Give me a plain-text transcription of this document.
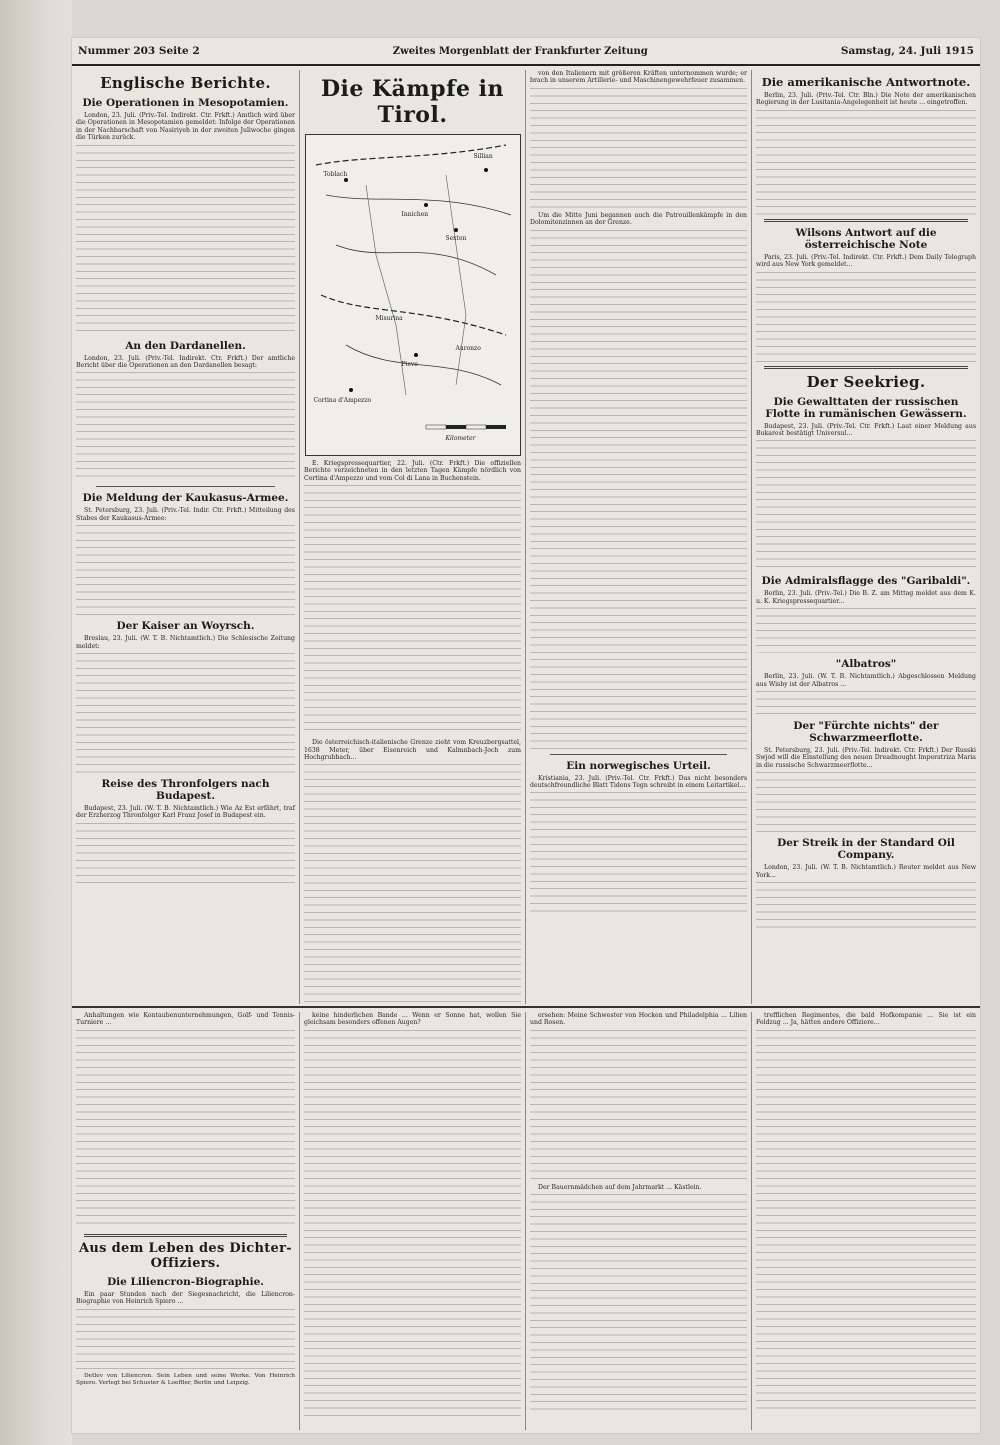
Nummer 203 Seite 2	Zweites Morgenblatt der Frankfurter Zeitung	Samstag, 24. Juli 1915
Englische Berichte.
Die Operationen in Mesopotamien.

London, 23. Juli. (Priv.-Tel. Indirekt. Ctr. Frkft.) Amtlich wird über die Operationen in Mesopotamien gemeldet: Infolge der Operationen in der Nachbarschaft von Nasiriyeh in der zweiten Juliwoche gingen die Türken zurück.

An den Dardanellen.

London, 23. Juli. (Priv.-Tel. Indirekt. Ctr. Frkft.) Der amtliche Bericht über die Operationen an den Dardanellen besagt:

Die Meldung der Kaukasus-Armee.

St. Petersburg, 23. Juli. (Priv.-Tel. Indir. Ctr. Frkft.) Mitteilung des Stabes der Kaukasus-Armee:

Der Kaiser an Woyrsch.

Breslau, 23. Juli. (W. T. B. Nichtamtlich.) Die Schlesische Zeitung meldet:

Reise des Thronfolgers nach Budapest.

Budapest, 23. Juli. (W. T. B. Nichtamtlich.) Wie Az Est erfährt, traf der Erzherzog Thronfolger Karl Franz Josef in Budapest ein.

Die Kämpfe in Tirol.
Toblach
Sillian
Innichen
Sexten
Pieve
Cortina d'Ampezzo
Auronzo
Misurina
Kilometer

E. Kriegspressequartier, 22. Juli. (Ctr. Frkft.) Die offiziellen Berichte verzeichneten in den letzten Tagen Kämpfe nördlich von Cortina d'Ampezzo und vom Col di Lana in Buchenstein.

Die österreichisch-italienische Grenze zieht vom Kreuzbergsattel, 1638 Meter, über Eisenreich und Kalmnbach-Joch zum Hochgrubbach...

von den Italienern mit größeren Kräften unternommen wurde; er brach in unserem Artillerie- und Maschinengewehrfeuer zusammen.

Um die Mitte Juni begannen auch die Patrouillenkämpfe in den Dolomitenzinnen an der Grenze.

Ein norwegisches Urteil.

Kristiania, 23. Juli. (Priv.-Tel. Ctr. Frkft.) Das nicht besonders deutschfreundliche Blatt Tidens Tegn schreibt in einem Leitartikel...

Die amerikanische Antwortnote.

Berlin, 23. Juli. (Priv.-Tel. Ctr. Bln.) Die Note der amerikanischen Regierung in der Lusitania-Angelegenheit ist heute ... eingetroffen.

Wilsons Antwort auf die österreichische Note

Paris, 23. Juli. (Priv.-Tel. Indirekt. Ctr. Frkft.) Dem Daily Telegraph wird aus New York gemeldet...

Der Seekrieg.
Die Gewalttaten der russischen Flotte in rumänischen Gewässern.

Budapest, 23. Juli. (Priv.-Tel. Ctr. Frkft.) Laut einer Meldung aus Bukarest bestätigt Universul...

Die Admiralsflagge des "Garibaldi".

Berlin, 23. Juli. (Priv.-Tel.) Die B. Z. am Mittag meldet aus dem K. u. K. Kriegspressequartier...

"Albatros"

Berlin, 23. Juli. (W. T. B. Nichtamtlich.) Abgeschlossen Meldung aus Wisby ist der Albatros ...

Der "Fürchte nichts" der Schwarzmeerflotte.

St. Petersburg, 23. Juli. (Priv.-Tel. Indirekt. Ctr. Frkft.) Der Russki Swjod will die Einstellung des neuen Dreadnought Imperatriza Maria in die russische Schwarzmeerflotte...

Der Streik in der Standard Oil Company.

London, 23. Juli. (W. T. B. Nichtamtlich.) Reuter meldet aus New York...

Anhaltungen wie Kontaubenunternehmungen, Golf- und Tennis-Turniere ...

Aus dem Leben des Dichter-Offiziers.
Die Liliencron-Biographie.

Ein paar Stunden nach der Siegesnachricht, die Liliencron-Biographie von Heinrich Spiero ...

Detlev von Liliencron. Sein Leben und seine Werke. Von Heinrich Spiero. Verlegt bei Schuster & Loeffler, Berlin und Leipzig.

keine hinderlichen Bande ... Wenn er Sonne hat, wollen Sie gleichsam besonders offenen Augen?

ersehen: Meine Schwester von Hocken und Philadelphia ... Lilien und Rosen.

Der Bauernmädchen auf dem Jahrmarkt ... Kästlein.

trefflichen Regimentes, die bald Hofkompanie ... Sie ist ein Feldzug ... Ja, hätten andere Offiziere...
